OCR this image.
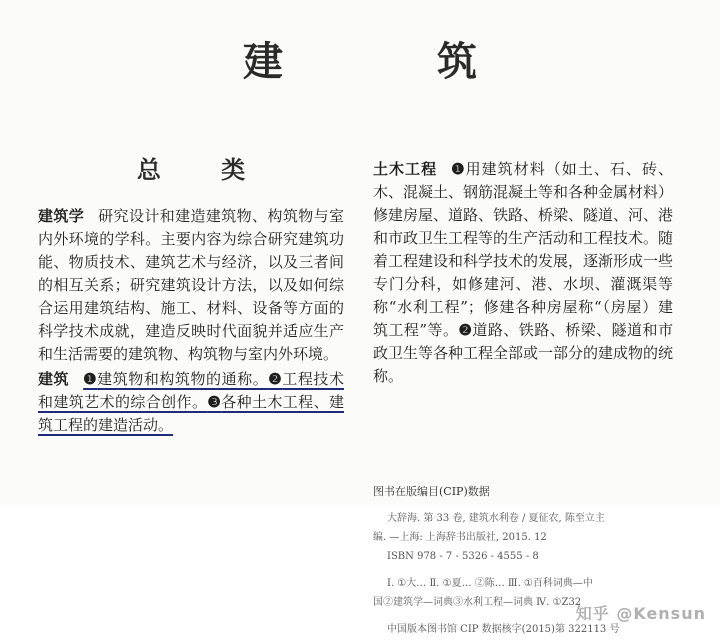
建 筑
总 类

建筑学 研究设计和建造建筑物、构筑物与室内外环境的学科。主要内容为综合研究建筑功能、物质技术、建筑艺术与经济，以及三者间的相互关系；研究建筑设计方法，以及如何综合运用建筑结构、施工、材料、设备等方面的科学技术成就，建造反映时代面貌并适应生产和生活需要的建筑物、构筑物与室内外环境。

建筑 ❶建筑物和构筑物的通称。❷工程技术和建筑艺术的综合创作。❸各种土木工程、建筑工程的建造活动。

土木工程 ❶用建筑材料（如土、石、砖、木、混凝土、钢筋混凝土等和各种金属材料）修建房屋、道路、铁路、桥梁、隧道、河、港和市政卫生工程等的生产活动和工程技术。随着工程建设和科学技术的发展，逐渐形成一些专门分科，如修建河、港、水坝、灌溉渠等称“水利工程”；修建各种房屋称“（房屋）建筑工程”等。❷道路、铁路、桥梁、隧道和市政卫生等各种工程全部或一部分的建成物的统称。

图书在版编目(CIP)数据
大辞海. 第 33 卷, 建筑水利卷 / 夏征农, 陈至立主
编. —上海: 上海辞书出版社, 2015. 12
ISBN 978 - 7 - 5326 - 4555 - 8
Ⅰ. ①大… Ⅱ. ①夏… ②陈… Ⅲ. ①百科词典—中
国②建筑学—词典③水利工程—词典 Ⅳ. ①Z32
中国版本图书馆 CIP 数据核字(2015)第 322113 号
知乎 @Kensun
